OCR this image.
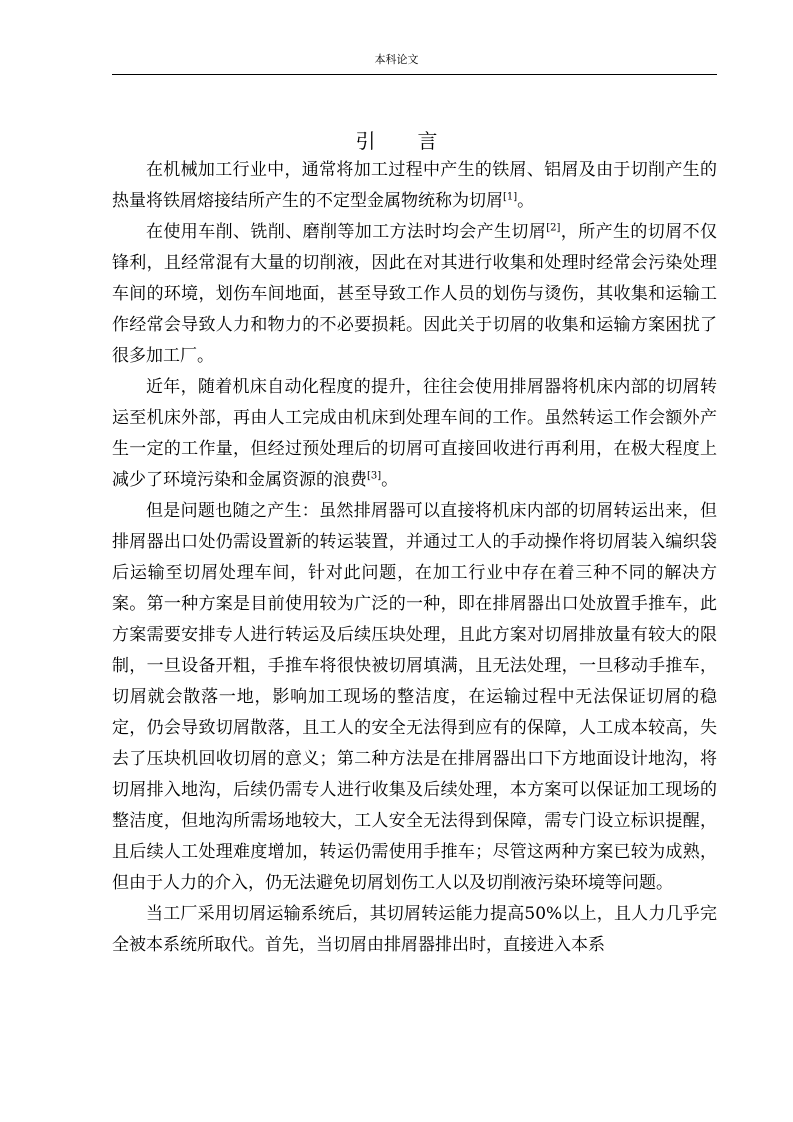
本科论文
引言

在机械加工行业中，通常将加工过程中产生的铁屑、铝屑及由于切削产生的热量将铁屑熔接结所产生的不定型金属物统称为切屑[1]。

在使用车削、铣削、磨削等加工方法时均会产生切屑[2]，所产生的切屑不仅锋利，且经常混有大量的切削液，因此在对其进行收集和处理时经常会污染处理车间的环境，划伤车间地面，甚至导致工作人员的划伤与烫伤，其收集和运输工作经常会导致人力和物力的不必要损耗。因此关于切屑的收集和运输方案困扰了很多加工厂。

近年，随着机床自动化程度的提升，往往会使用排屑器将机床内部的切屑转运至机床外部，再由人工完成由机床到处理车间的工作。虽然转运工作会额外产生一定的工作量，但经过预处理后的切屑可直接回收进行再利用，在极大程度上减少了环境污染和金属资源的浪费[3]。

但是问题也随之产生：虽然排屑器可以直接将机床内部的切屑转运出来，但排屑器出口处仍需设置新的转运装置，并通过工人的手动操作将切屑装入编织袋后运输至切屑处理车间，针对此问题，在加工行业中存在着三种不同的解决方案。第一种方案是目前使用较为广泛的一种，即在排屑器出口处放置手推车，此方案需要安排专人进行转运及后续压块处理，且此方案对切屑排放量有较大的限制，一旦设备开粗，手推车将很快被切屑填满，且无法处理，一旦移动手推车，切屑就会散落一地，影响加工现场的整洁度，在运输过程中无法保证切屑的稳定，仍会导致切屑散落，且工人的安全无法得到应有的保障，人工成本较高，失去了压块机回收切屑的意义；第二种方法是在排屑器出口下方地面设计地沟，将切屑排入地沟，后续仍需专人进行收集及后续处理，本方案可以保证加工现场的整洁度，但地沟所需场地较大，工人安全无法得到保障，需专门设立标识提醒，且后续人工处理难度增加，转运仍需使用手推车；尽管这两种方案已较为成熟，但由于人力的介入，仍无法避免切屑划伤工人以及切削液污染环境等问题。

当工厂采用切屑运输系统后，其切屑转运能力提高50%以上，且人力几乎完全被本系统所取代。首先，当切屑由排屑器排出时，直接进入本系
